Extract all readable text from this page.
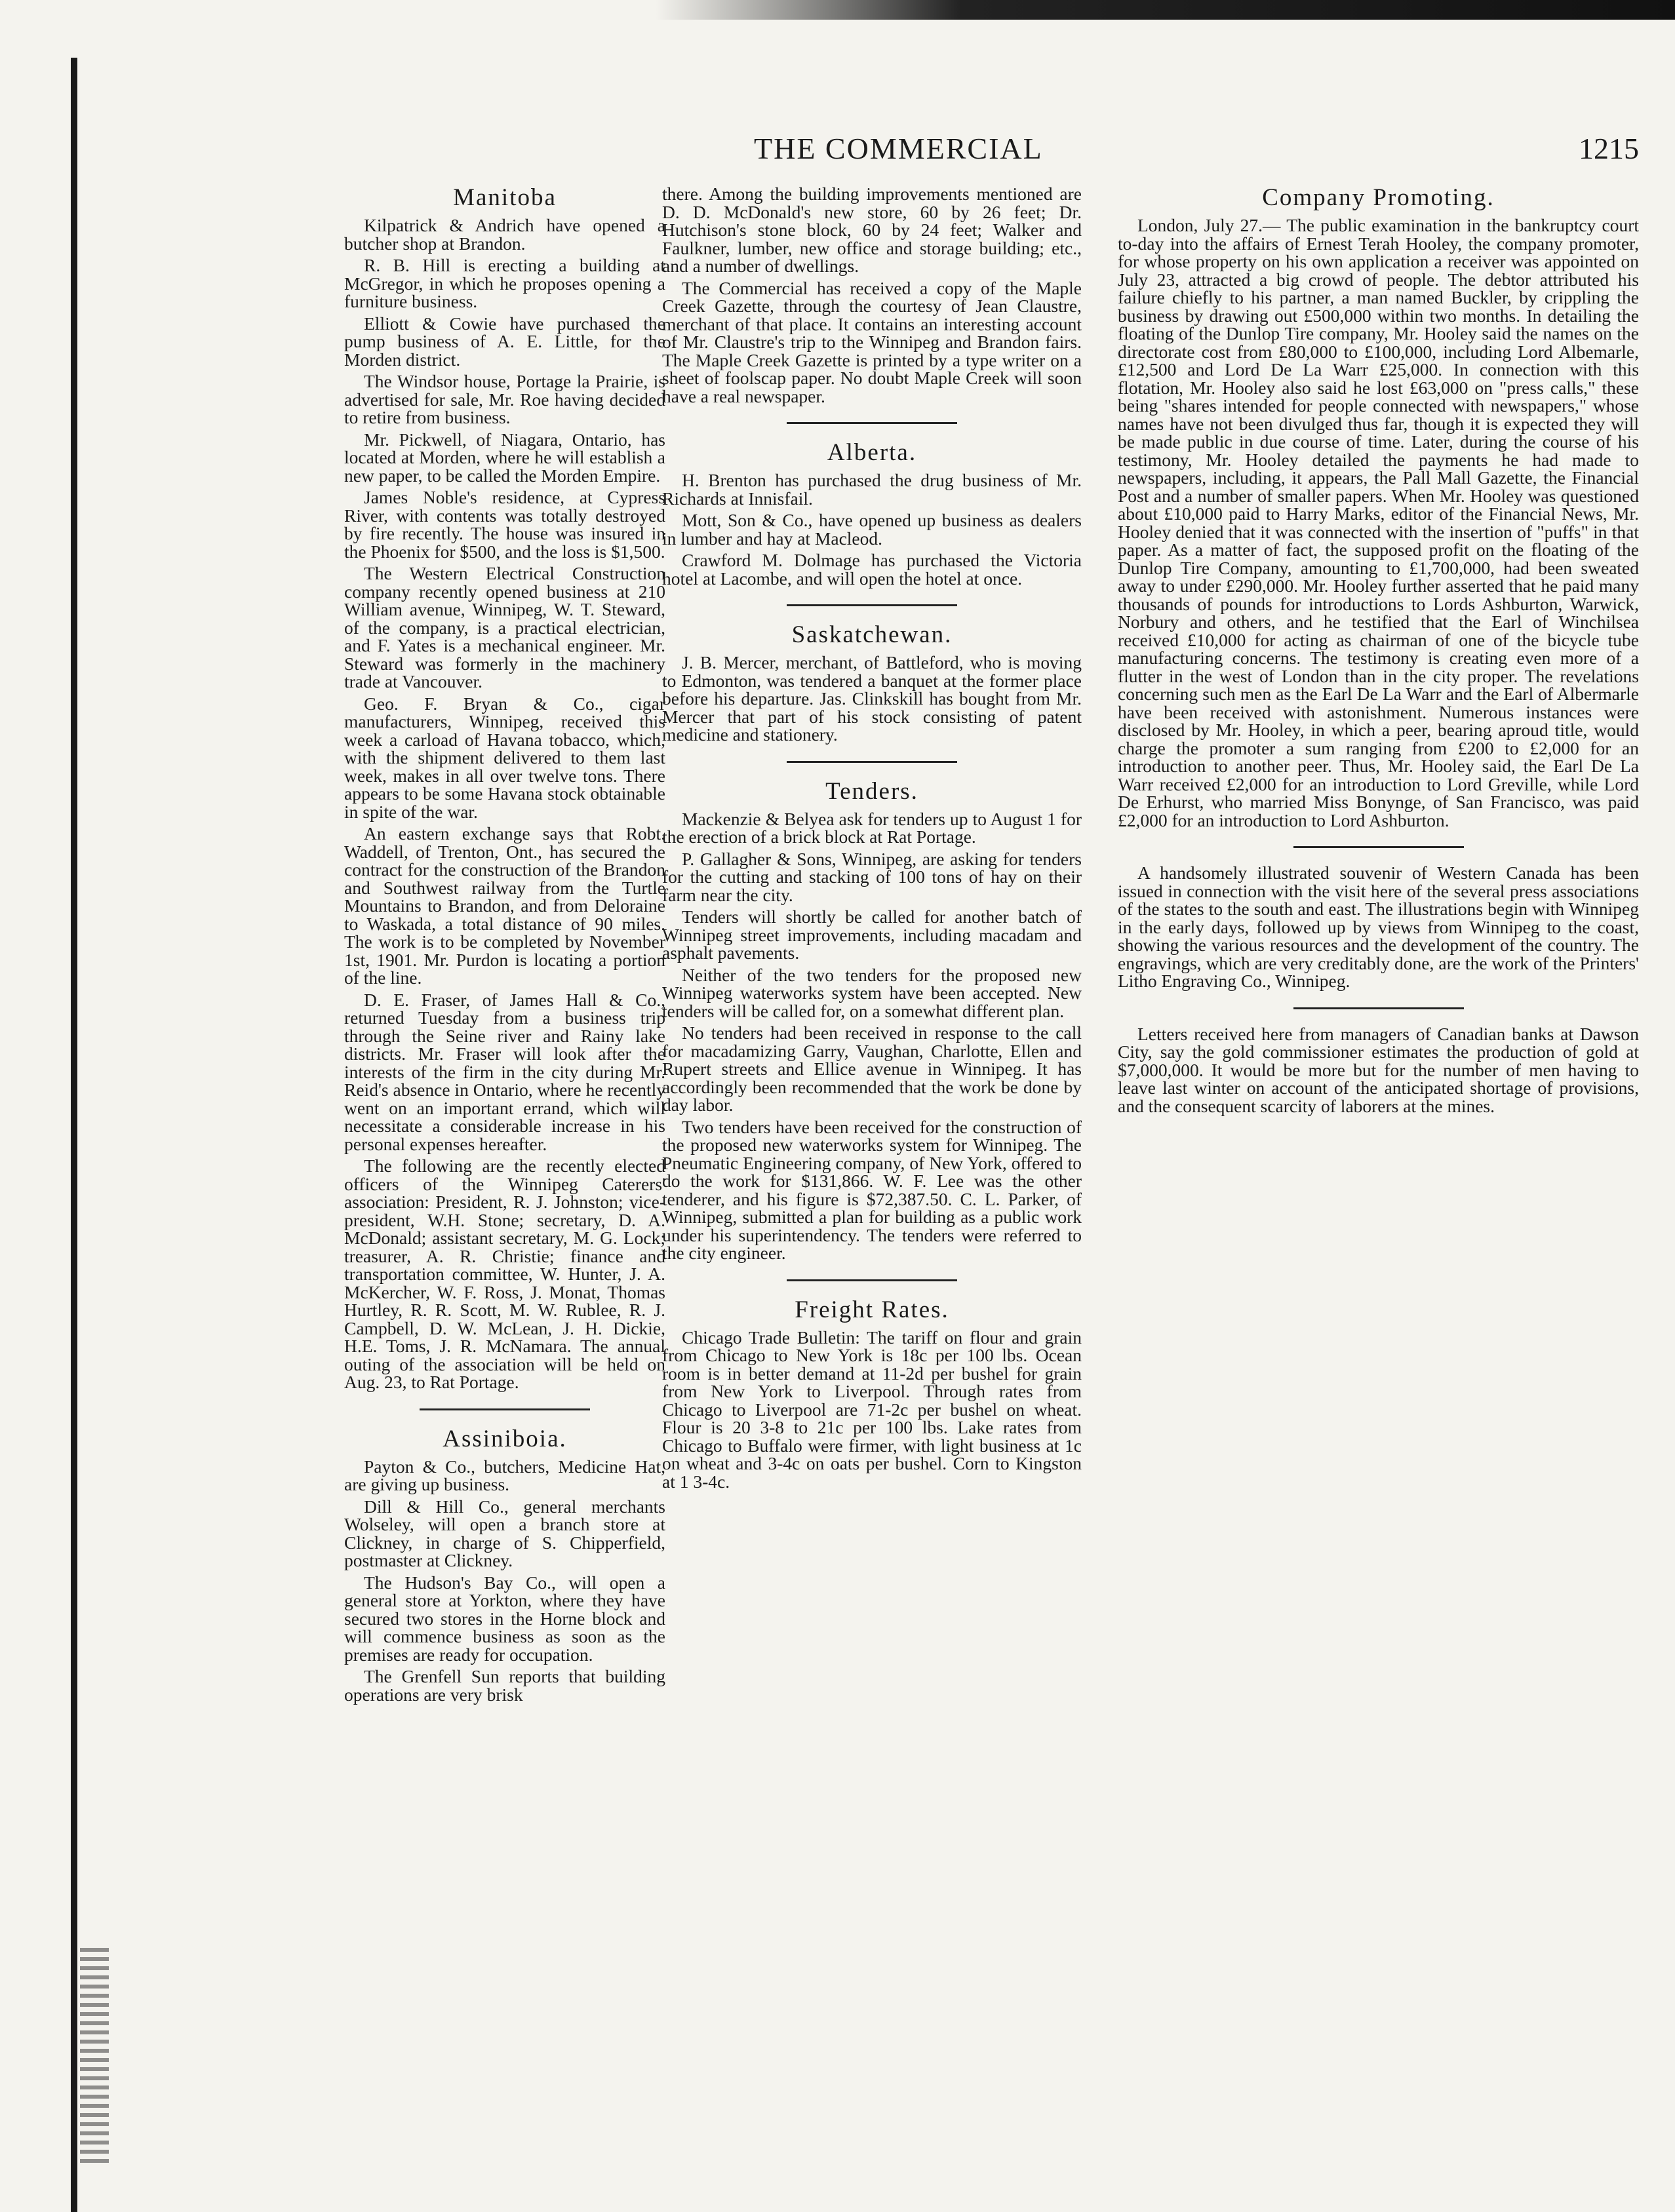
THE COMMERCIAL	1215
Manitoba

Kilpatrick & Andrich have opened a butcher shop at Brandon.

R. B. Hill is erecting a building at McGregor, in which he proposes opening a furniture business.

Elliott & Cowie have purchased the pump business of A. E. Little, for the Morden district.

The Windsor house, Portage la Prairie, is advertised for sale, Mr. Roe having decided to retire from business.

Mr. Pickwell, of Niagara, Ontario, has located at Morden, where he will establish a new paper, to be called the Morden Empire.

James Noble's residence, at Cypress River, with contents was totally destroyed by fire recently. The house was insured in the Phoenix for $500, and the loss is $1,500.

The Western Electrical Construction company recently opened business at 210 William avenue, Winnipeg, W. T. Steward, of the company, is a practical electrician, and F. Yates is a mechanical engineer. Mr. Steward was formerly in the machinery trade at Vancouver.

Geo. F. Bryan & Co., cigar manufacturers, Winnipeg, received this week a carload of Havana tobacco, which, with the shipment delivered to them last week, makes in all over twelve tons. There appears to be some Havana stock obtainable in spite of the war.

An eastern exchange says that Robt. Waddell, of Trenton, Ont., has secured the contract for the construction of the Brandon and Southwest railway from the Turtle Mountains to Brandon, and from Deloraine to Waskada, a total distance of 90 miles. The work is to be completed by November 1st, 1901. Mr. Purdon is locating a portion of the line.

D. E. Fraser, of James Hall & Co., returned Tuesday from a business trip through the Seine river and Rainy lake districts. Mr. Fraser will look after the interests of the firm in the city during Mr. Reid's absence in Ontario, where he recently went on an important errand, which will necessitate a considerable increase in his personal expenses hereafter.

The following are the recently elected officers of the Winnipeg Caterers' association: President, R. J. Johnston; vice-president, W.H. Stone; secretary, D. A. McDonald; assistant secretary, M. G. Lock; treasurer, A. R. Christie; finance and transportation committee, W. Hunter, J. A. McKercher, W. F. Ross, J. Monat, Thomas Hurtley, R. R. Scott, M. W. Rublee, R. J. Campbell, D. W. McLean, J. H. Dickie, H.E. Toms, J. R. McNamara. The annual outing of the association will be held on Aug. 23, to Rat Portage.

Assiniboia.

Payton & Co., butchers, Medicine Hat, are giving up business.

Dill & Hill Co., general merchants Wolseley, will open a branch store at Clickney, in charge of S. Chipperfield, postmaster at Clickney.

The Hudson's Bay Co., will open a general store at Yorkton, where they have secured two stores in the Horne block and will commence business as soon as the premises are ready for occupation.

The Grenfell Sun reports that building operations are very brisk

there. Among the building improvements mentioned are D. D. McDonald's new store, 60 by 26 feet; Dr. Hutchison's stone block, 60 by 24 feet; Walker and Faulkner, lumber, new office and storage building; etc., and a number of dwellings.

The Commercial has received a copy of the Maple Creek Gazette, through the courtesy of Jean Claustre, merchant of that place. It contains an interesting account of Mr. Claustre's trip to the Winnipeg and Brandon fairs. The Maple Creek Gazette is printed by a type writer on a sheet of foolscap paper. No doubt Maple Creek will soon have a real newspaper.

Alberta.

H. Brenton has purchased the drug business of Mr. Richards at Innisfail.

Mott, Son & Co., have opened up business as dealers in lumber and hay at Macleod.

Crawford M. Dolmage has purchased the Victoria hotel at Lacombe, and will open the hotel at once.

Saskatchewan.

J. B. Mercer, merchant, of Battleford, who is moving to Edmonton, was tendered a banquet at the former place before his departure. Jas. Clinkskill has bought from Mr. Mercer that part of his stock consisting of patent medicine and stationery.

Tenders.

Mackenzie & Belyea ask for tenders up to August 1 for the erection of a brick block at Rat Portage.

P. Gallagher & Sons, Winnipeg, are asking for tenders for the cutting and stacking of 100 tons of hay on their farm near the city.

Tenders will shortly be called for another batch of Winnipeg street improvements, including macadam and asphalt pavements.

Neither of the two tenders for the proposed new Winnipeg waterworks system have been accepted. New tenders will be called for, on a somewhat different plan.

No tenders had been received in response to the call for macadamizing Garry, Vaughan, Charlotte, Ellen and Rupert streets and Ellice avenue in Winnipeg. It has accordingly been recommended that the work be done by day labor.

Two tenders have been received for the construction of the proposed new waterworks system for Winnipeg. The Pneumatic Engineering company, of New York, offered to do the work for $131,866. W. F. Lee was the other tenderer, and his figure is $72,387.50. C. L. Parker, of Winnipeg, submitted a plan for building as a public work under his superintendency. The tenders were referred to the city engineer.

Freight Rates.

Chicago Trade Bulletin: The tariff on flour and grain from Chicago to New York is 18c per 100 lbs. Ocean room is in better demand at 11-2d per bushel for grain from New York to Liverpool. Through rates from Chicago to Liverpool are 71-2c per bushel on wheat. Flour is 20 3-8 to 21c per 100 lbs. Lake rates from Chicago to Buffalo were firmer, with light business at 1c on wheat and 3-4c on oats per bushel. Corn to Kingston at 1 3-4c.

Company Promoting.

London, July 27.— The public examination in the bankruptcy court to-day into the affairs of Ernest Terah Hooley, the company promoter, for whose property on his own application a receiver was appointed on July 23, attracted a big crowd of people. The debtor attributed his failure chiefly to his partner, a man named Buckler, by crippling the business by drawing out £500,000 within two months. In detailing the floating of the Dunlop Tire company, Mr. Hooley said the names on the directorate cost from £80,000 to £100,000, including Lord Albemarle, £12,500 and Lord De La Warr £25,000. In connection with this flotation, Mr. Hooley also said he lost £63,000 on "press calls," these being "shares intended for people connected with newspapers," whose names have not been divulged thus far, though it is expected they will be made public in due course of time. Later, during the course of his testimony, Mr. Hooley detailed the payments he had made to newspapers, including, it appears, the Pall Mall Gazette, the Financial Post and a number of smaller papers. When Mr. Hooley was questioned about £10,000 paid to Harry Marks, editor of the Financial News, Mr. Hooley denied that it was connected with the insertion of "puffs" in that paper. As a matter of fact, the supposed profit on the floating of the Dunlop Tire Company, amounting to £1,700,000, had been sweated away to under £290,000. Mr. Hooley further asserted that he paid many thousands of pounds for introductions to Lords Ashburton, Warwick, Norbury and others, and he testified that the Earl of Winchilsea received £10,000 for acting as chairman of one of the bicycle tube manufacturing concerns. The testimony is creating even more of a flutter in the west of London than in the city proper. The revelations concerning such men as the Earl De La Warr and the Earl of Albermarle have been received with astonishment. Numerous instances were disclosed by Mr. Hooley, in which a peer, bearing aproud title, would charge the promoter a sum ranging from £200 to £2,000 for an introduction to another peer. Thus, Mr. Hooley said, the Earl De La Warr received £2,000 for an introduction to Lord Greville, while Lord De Erhurst, who married Miss Bonynge, of San Francisco, was paid £2,000 for an introduction to Lord Ashburton.

A handsomely illustrated souvenir of Western Canada has been issued in connection with the visit here of the several press associations of the states to the south and east. The illustrations begin with Winnipeg in the early days, followed up by views from Winnipeg to the coast, showing the various resources and the development of the country. The engravings, which are very creditably done, are the work of the Printers' Litho Engraving Co., Winnipeg.

Letters received here from managers of Canadian banks at Dawson City, say the gold commissioner estimates the production of gold at $7,000,000. It would be more but for the number of men having to leave last winter on account of the anticipated shortage of provisions, and the consequent scarcity of laborers at the mines.
